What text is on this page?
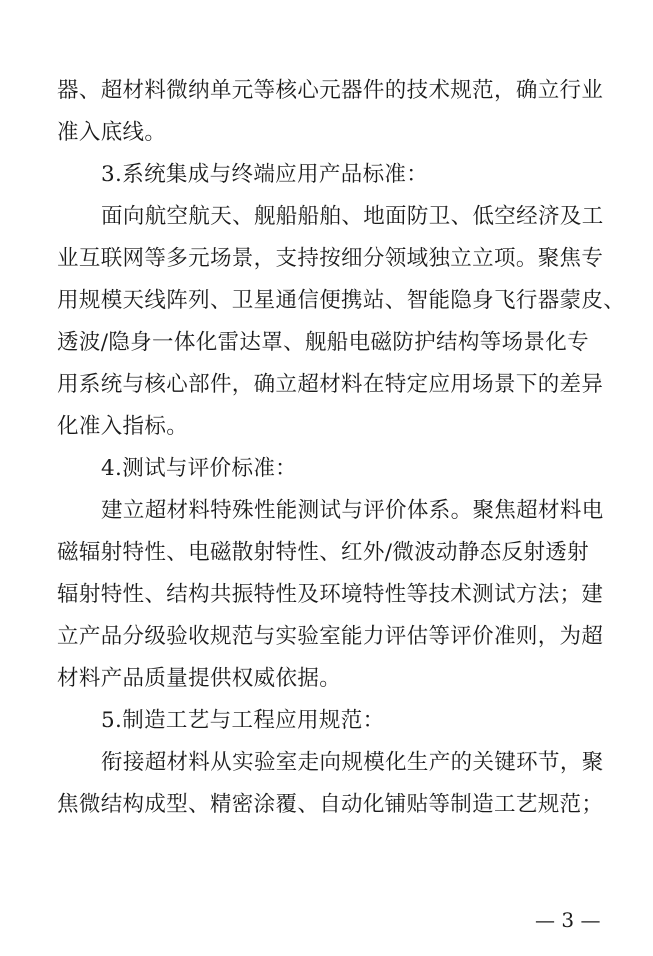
器、超材料微纳单元等核心元器件的技术规范，确立行业
准入底线。
3.系统集成与终端应用产品标准：
面向航空航天、舰船船舶、地面防卫、低空经济及工
业互联网等多元场景，支持按细分领域独立立项。聚焦专
用规模天线阵列、卫星通信便携站、智能隐身飞行器蒙皮、
透波/隐身一体化雷达罩、舰船电磁防护结构等场景化专
用系统与核心部件，确立超材料在特定应用场景下的差异
化准入指标。
4.测试与评价标准：
建立超材料特殊性能测试与评价体系。聚焦超材料电
磁辐射特性、电磁散射特性、红外/微波动静态反射透射
辐射特性、结构共振特性及环境特性等技术测试方法；建
立产品分级验收规范与实验室能力评估等评价准则，为超
材料产品质量提供权威依据。
5.制造工艺与工程应用规范：
衔接超材料从实验室走向规模化生产的关键环节，聚
焦微结构成型、精密涂覆、自动化铺贴等制造工艺规范；
— 3 —
